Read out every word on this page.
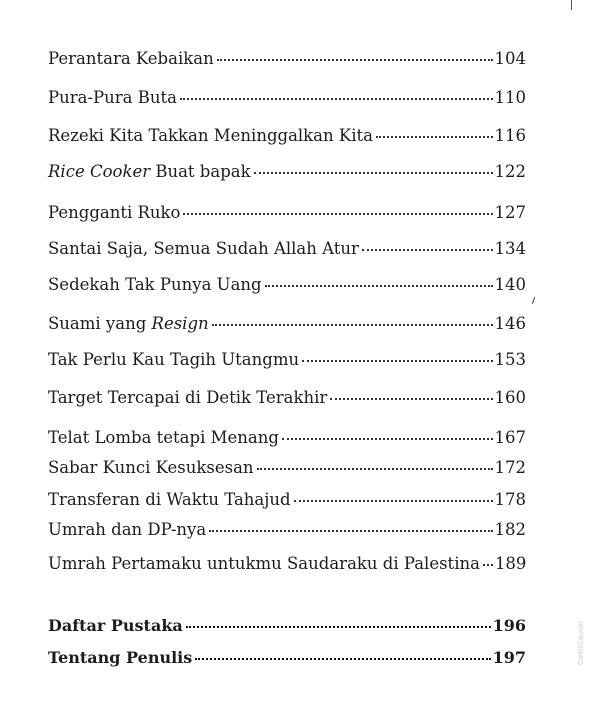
Perantara Kebaikan	104
Pura-Pura Buta	110
Rezeki Kita Takkan Meninggalkan Kita	116
Rice Cooker Buat bapak	122
Pengganti Ruko	127
Santai Saja, Semua Sudah Allah Atur	134
Sedekah Tak Punya Uang	140
Suami yang Resign	146
Tak Perlu Kau Tagih Utangmu	153
Target Tercapai di Detik Terakhir	160
Telat Lomba tetapi Menang	167
Sabar Kunci Kesuksesan	172
Transferan di Waktu Tahajud	178
Umrah dan DP-nya	182
Umrah Pertamaku untukmu Saudaraku di Palestina 189
Daftar Pustaka	196
Tentang Penulis	197	CamScanner
